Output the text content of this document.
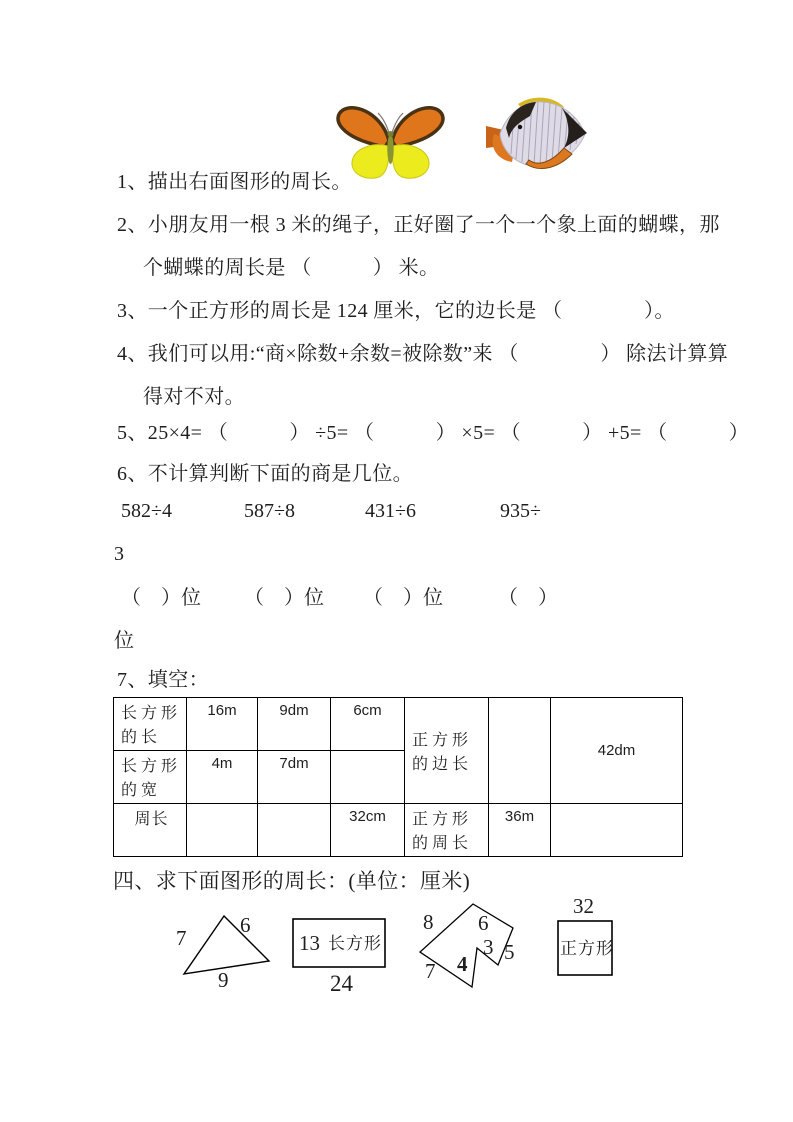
1、描出右面图形的周长。
2、小朋友用一根 3 米的绳子，正好圈了一个一个象上面的蝴蝶，那
个蝴蝶的周长是 （　　　） 米。
3、一个正方形的周长是 124 厘米，它的边长是 （　　　　）。
4、我们可以用:“商×除数+余数=被除数”来 （　　　　） 除法计算算
得对不对。
5、25×4= （　　　） ÷5= （　　　） ×5= （　　　） +5= （　　　）
6、不计算判断下面的商是几位。
582÷4	587÷8	431÷6	935÷
3
（　）位 （　）位 （　）位	（　）
位
7、填空：
长方形的长	16m	9dm	6cm	正方形的边长		42dm
长方形的宽	4m	7dm				
周长			32cm	正方形的周长	36m	
四、求下面图形的周长：(单位：厘米)
7
6
9
13 长方形
24
8 6
3 5
4
7
32
正方形
